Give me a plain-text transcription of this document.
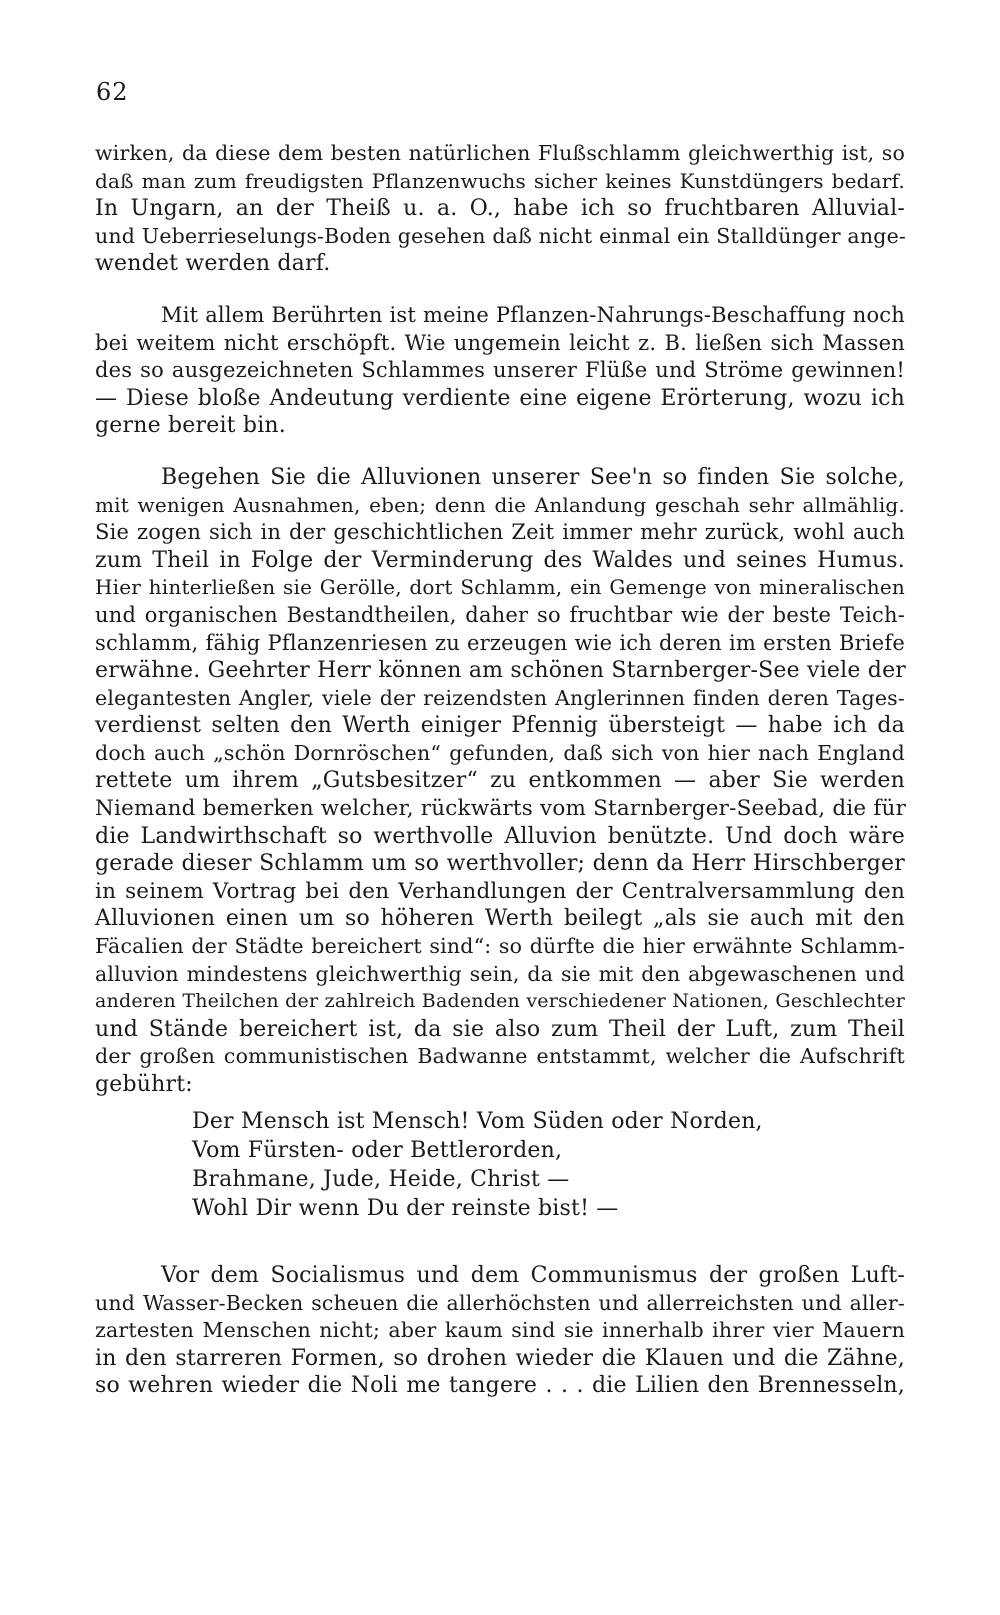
62
wirken, da diese dem besten natürlichen Flußschlamm gleichwerthig ist, so
daß man zum freudigsten Pflanzenwuchs sicher keines Kunstdüngers bedarf.
In Ungarn, an der Theiß u. a. O., habe ich so fruchtbaren Alluvial-
und Ueberrieselungs-Boden gesehen daß nicht einmal ein Stalldünger ange-
wendet werden darf.
Mit allem Berührten ist meine Pflanzen-Nahrungs-Beschaffung noch
bei weitem nicht erschöpft. Wie ungemein leicht z. B. ließen sich Massen
des so ausgezeichneten Schlammes unserer Flüße und Ströme gewinnen!
— Diese bloße Andeutung verdiente eine eigene Erörterung, wozu ich
gerne bereit bin.
Begehen Sie die Alluvionen unserer See'n so finden Sie solche,
mit wenigen Ausnahmen, eben; denn die Anlandung geschah sehr allmählig.
Sie zogen sich in der geschichtlichen Zeit immer mehr zurück, wohl auch
zum Theil in Folge der Verminderung des Waldes und seines Humus.
Hier hinterließen sie Gerölle, dort Schlamm, ein Gemenge von mineralischen
und organischen Bestandtheilen, daher so fruchtbar wie der beste Teich-
schlamm, fähig Pflanzenriesen zu erzeugen wie ich deren im ersten Briefe
erwähne. Geehrter Herr können am schönen Starnberger-See viele der
elegantesten Angler, viele der reizendsten Anglerinnen finden deren Tages-
verdienst selten den Werth einiger Pfennig übersteigt — habe ich da
doch auch „schön Dornröschen“ gefunden, daß sich von hier nach England
rettete um ihrem „Gutsbesitzer“ zu entkommen — aber Sie werden
Niemand bemerken welcher, rückwärts vom Starnberger-Seebad, die für
die Landwirthschaft so werthvolle Alluvion benützte. Und doch wäre
gerade dieser Schlamm um so werthvoller; denn da Herr Hirschberger
in seinem Vortrag bei den Verhandlungen der Centralversammlung den
Alluvionen einen um so höheren Werth beilegt „als sie auch mit den
Fäcalien der Städte bereichert sind“: so dürfte die hier erwähnte Schlamm-
alluvion mindestens gleichwerthig sein, da sie mit den abgewaschenen und
anderen Theilchen der zahlreich Badenden verschiedener Nationen, Geschlechter
und Stände bereichert ist, da sie also zum Theil der Luft, zum Theil
der großen communistischen Badwanne entstammt, welcher die Aufschrift
gebührt:
Der Mensch ist Mensch! Vom Süden oder Norden,
Vom Fürsten- oder Bettlerorden,
Brahmane, Jude, Heide, Christ —
Wohl Dir wenn Du der reinste bist! —
Vor dem Socialismus und dem Communismus der großen Luft-
und Wasser-Becken scheuen die allerhöchsten und allerreichsten und aller-
zartesten Menschen nicht; aber kaum sind sie innerhalb ihrer vier Mauern
in den starreren Formen, so drohen wieder die Klauen und die Zähne,
so wehren wieder die Noli me tangere . . . die Lilien den Brennesseln,
